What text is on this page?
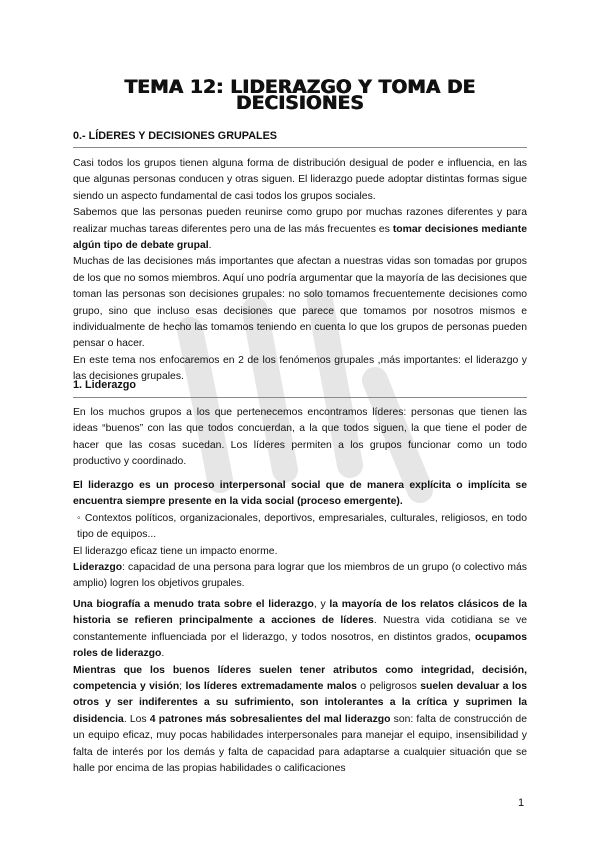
TEMA 12: LIDERAZGO Y TOMA DE DECISIONES
0.- LÍDERES Y DECISIONES GRUPALES

Casi todos los grupos tienen alguna forma de distribución desigual de poder e influencia, en las que algunas personas conducen y otras siguen. El liderazgo puede adoptar distintas formas sigue siendo un aspecto fundamental de casi todos los grupos sociales.

Sabemos que las personas pueden reunirse como grupo por muchas razones diferentes y para realizar muchas tareas diferentes pero una de las más frecuentes es tomar decisiones mediante algún tipo de debate grupal.

Muchas de las decisiones más importantes que afectan a nuestras vidas son tomadas por grupos de los que no somos miembros. Aquí uno podría argumentar que la mayoría de las decisiones que toman las personas son decisiones grupales: no solo tomamos frecuentemente decisiones como grupo, sino que incluso esas decisiones que parece que tomamos por nosotros mismos e individualmente de hecho las tomamos teniendo en cuenta lo que los grupos de personas pueden pensar o hacer.

En este tema nos enfocaremos en 2 de los fenómenos grupales ,más importantes: el liderazgo y las decisiones grupales.

1. Liderazgo

En los muchos grupos a los que pertenecemos encontramos líderes: personas que tienen las ideas “buenos” con las que todos concuerdan, a la que todos siguen, la que tiene el poder de hacer que las cosas sucedan. Los líderes permiten a los grupos funcionar como un todo productivo y coordinado.

El liderazgo es un proceso interpersonal social que de manera explícita o implícita se encuentra siempre presente en la vida social (proceso emergente).

◦ Contextos políticos, organizacionales, deportivos, empresariales, culturales, religiosos, en todo tipo de equipos...

El liderazgo eficaz tiene un impacto enorme.

Liderazgo: capacidad de una persona para lograr que los miembros de un grupo (o colectivo más amplio) logren los objetivos grupales.

Una biografía a menudo trata sobre el liderazgo, y la mayoría de los relatos clásicos de la historia se refieren principalmente a acciones de líderes. Nuestra vida cotidiana se ve constantemente influenciada por el liderazgo, y todos nosotros, en distintos grados, ocupamos roles de liderazgo.

Mientras que los buenos líderes suelen tener atributos como integridad, decisión, competencia y visión; los líderes extremadamente malos o peligrosos suelen devaluar a los otros y ser indiferentes a su sufrimiento, son intolerantes a la crítica y suprimen la disidencia. Los 4 patrones más sobresalientes del mal liderazgo son: falta de construcción de un equipo eficaz, muy pocas habilidades interpersonales para manejar el equipo, insensibilidad y falta de interés por los demás y falta de capacidad para adaptarse a cualquier situación que se halle por encima de las propias habilidades o calificaciones

1
